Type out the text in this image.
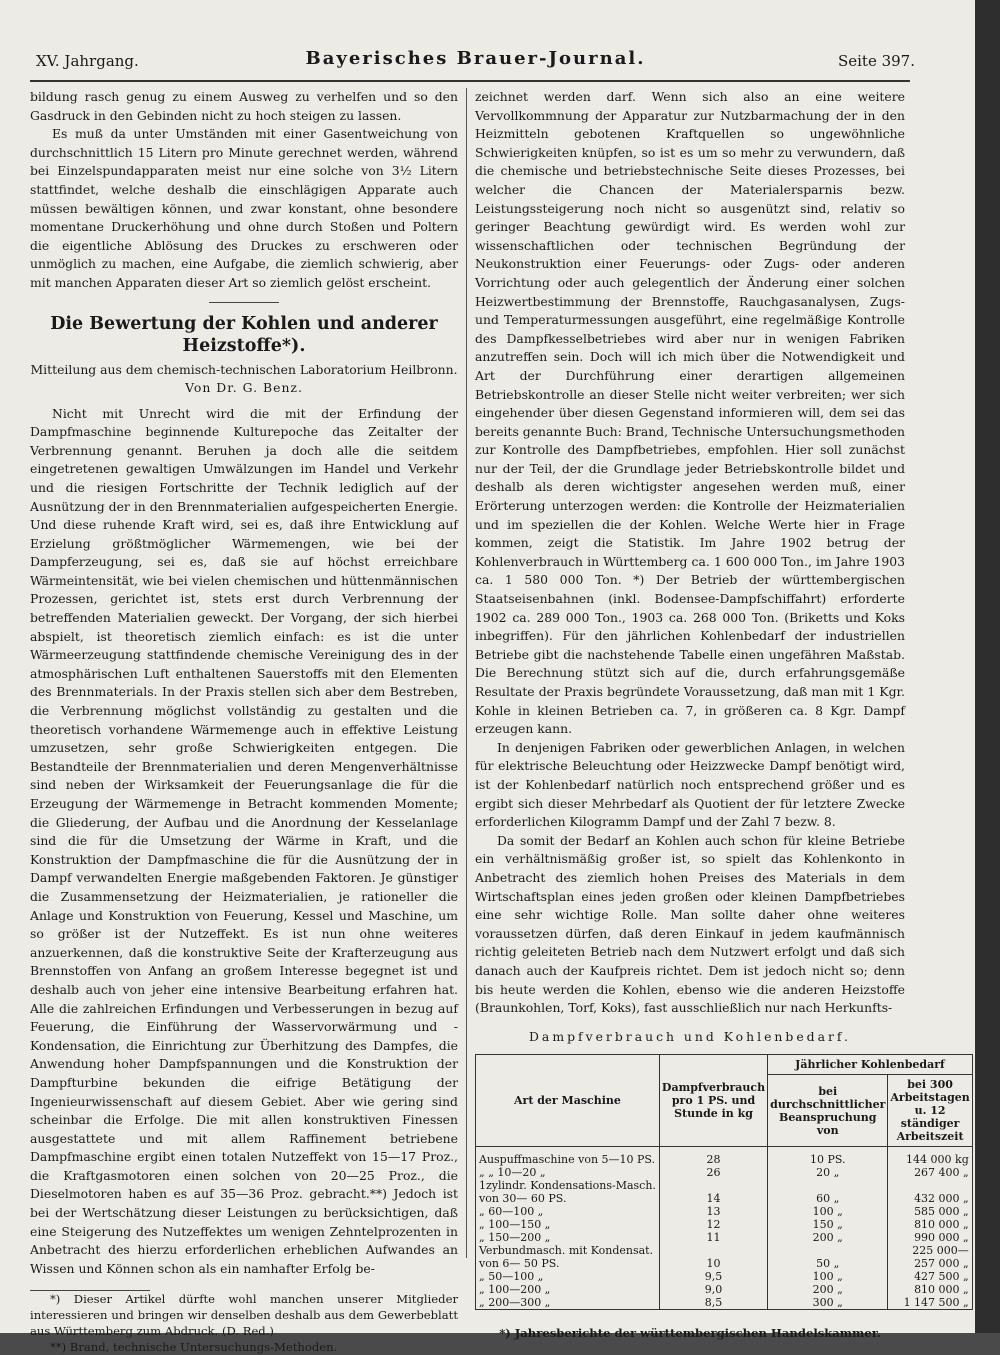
XV. Jahrgang.	Bayerisches Brauer-Journal.	Seite 397.

bildung rasch genug zu einem Ausweg zu verhelfen und so den Gasdruck in den Gebinden nicht zu hoch steigen zu lassen.

Es muß da unter Umständen mit einer Gasentweichung von durchschnittlich 15 Litern pro Minute gerechnet werden, während bei Einzelspundapparaten meist nur eine solche von 3½ Litern stattfindet, welche deshalb die einschlägigen Apparate auch müssen bewältigen können, und zwar konstant, ohne besondere momentane Druckerhöhung und ohne durch Stoßen und Poltern die eigentliche Ablösung des Druckes zu erschweren oder unmöglich zu machen, eine Aufgabe, die ziemlich schwierig, aber mit manchen Apparaten dieser Art so ziemlich gelöst erscheint.

Die Bewertung der Kohlen und anderer Heizstoffe*).
Mitteilung aus dem chemisch-technischen Laboratorium Heilbronn.
Von Dr. G. Benz.

Nicht mit Unrecht wird die mit der Erfindung der Dampfmaschine beginnende Kulturepoche das Zeitalter der Verbrennung genannt. Beruhen ja doch alle die seitdem eingetretenen gewaltigen Umwälzungen im Handel und Verkehr und die riesigen Fortschritte der Technik lediglich auf der Ausnützung der in den Brennmaterialien aufgespeicherten Energie. Und diese ruhende Kraft wird, sei es, daß ihre Entwicklung auf Erzielung größtmöglicher Wärmemengen, wie bei der Dampferzeugung, sei es, daß sie auf höchst erreichbare Wärmeintensität, wie bei vielen chemischen und hüttenmännischen Prozessen, gerichtet ist, stets erst durch Verbrennung der betreffenden Materialien geweckt. Der Vorgang, der sich hierbei abspielt, ist theoretisch ziemlich einfach: es ist die unter Wärmeerzeugung stattfindende chemische Vereinigung des in der atmosphärischen Luft enthaltenen Sauerstoffs mit den Elementen des Brennmaterials. In der Praxis stellen sich aber dem Bestreben, die Verbrennung möglichst vollständig zu gestalten und die theoretisch vorhandene Wärmemenge auch in effektive Leistung umzusetzen, sehr große Schwierigkeiten entgegen. Die Bestandteile der Brennmaterialien und deren Mengenverhältnisse sind neben der Wirksamkeit der Feuerungsanlage die für die Erzeugung der Wärmemenge in Betracht kommenden Momente; die Gliederung, der Aufbau und die Anordnung der Kesselanlage sind die für die Umsetzung der Wärme in Kraft, und die Konstruktion der Dampfmaschine die für die Ausnützung der in Dampf verwandelten Energie maßgebenden Faktoren. Je günstiger die Zusammensetzung der Heizmaterialien, je rationeller die Anlage und Konstruktion von Feuerung, Kessel und Maschine, um so größer ist der Nutzeffekt. Es ist nun ohne weiteres anzuerkennen, daß die konstruktive Seite der Krafterzeugung aus Brennstoffen von Anfang an großem Interesse begegnet ist und deshalb auch von jeher eine intensive Bearbeitung erfahren hat. Alle die zahlreichen Erfindungen und Verbesserungen in bezug auf Feuerung, die Einführung der Wasservorwärmung und -Kondensation, die Einrichtung zur Überhitzung des Dampfes, die Anwendung hoher Dampfspannungen und die Konstruktion der Dampfturbine bekunden die eifrige Betätigung der Ingenieurwissenschaft auf diesem Gebiet. Aber wie gering sind scheinbar die Erfolge. Die mit allen konstruktiven Finessen ausgestattete und mit allem Raffinement betriebene Dampfmaschine ergibt einen totalen Nutzeffekt von 15—17 Proz., die Kraftgasmotoren einen solchen von 20—25 Proz., die Dieselmotoren haben es auf 35—36 Proz. gebracht.**) Jedoch ist bei der Wertschätzung dieser Leistungen zu berücksichtigen, daß eine Steigerung des Nutzeffektes um wenigen Zehntelprozenten in Anbetracht des hierzu erforderlichen erheblichen Aufwandes an Wissen und Können schon als ein namhafter Erfolg be-

*) Dieser Artikel dürfte wohl manchen unserer Mitglieder interessieren und bringen wir denselben deshalb aus dem Gewerbeblatt aus Württemberg zum Abdruck. (D. Red.)

**) Brand, technische Untersuchungs-Methoden.

zeichnet werden darf. Wenn sich also an eine weitere Vervollkommnung der Apparatur zur Nutzbarmachung der in den Heizmitteln gebotenen Kraftquellen so ungewöhnliche Schwierigkeiten knüpfen, so ist es um so mehr zu verwundern, daß die chemische und betriebstechnische Seite dieses Prozesses, bei welcher die Chancen der Materialersparnis bezw. Leistungssteigerung noch nicht so ausgenützt sind, relativ so geringer Beachtung gewürdigt wird. Es werden wohl zur wissenschaftlichen oder technischen Begründung der Neukonstruktion einer Feuerungs- oder Zugs- oder anderen Vorrichtung oder auch gelegentlich der Änderung einer solchen Heizwertbestimmung der Brennstoffe, Rauchgasanalysen, Zugs- und Temperaturmessungen ausgeführt, eine regelmäßige Kontrolle des Dampfkesselbetriebes wird aber nur in wenigen Fabriken anzutreffen sein. Doch will ich mich über die Notwendigkeit und Art der Durchführung einer derartigen allgemeinen Betriebskontrolle an dieser Stelle nicht weiter verbreiten; wer sich eingehender über diesen Gegenstand informieren will, dem sei das bereits genannte Buch: Brand, Technische Untersuchungsmethoden zur Kontrolle des Dampfbetriebes, empfohlen. Hier soll zunächst nur der Teil, der die Grundlage jeder Betriebskontrolle bildet und deshalb als deren wichtigster angesehen werden muß, einer Erörterung unterzogen werden: die Kontrolle der Heizmaterialien und im speziellen die der Kohlen. Welche Werte hier in Frage kommen, zeigt die Statistik. Im Jahre 1902 betrug der Kohlenverbrauch in Württemberg ca. 1 600 000 Ton., im Jahre 1903 ca. 1 580 000 Ton. *) Der Betrieb der württembergischen Staatseisenbahnen (inkl. Bodensee-Dampfschiffahrt) erforderte 1902 ca. 289 000 Ton., 1903 ca. 268 000 Ton. (Briketts und Koks inbegriffen). Für den jährlichen Kohlenbedarf der industriellen Betriebe gibt die nachstehende Tabelle einen ungefähren Maßstab. Die Berechnung stützt sich auf die, durch erfahrungsgemäße Resultate der Praxis begründete Voraussetzung, daß man mit 1 Kgr. Kohle in kleinen Betrieben ca. 7, in größeren ca. 8 Kgr. Dampf erzeugen kann.

In denjenigen Fabriken oder gewerblichen Anlagen, in welchen für elektrische Beleuchtung oder Heizzwecke Dampf benötigt wird, ist der Kohlenbedarf natürlich noch entsprechend größer und es ergibt sich dieser Mehrbedarf als Quotient der für letztere Zwecke erforderlichen Kilogramm Dampf und der Zahl 7 bezw. 8.

Da somit der Bedarf an Kohlen auch schon für kleine Betriebe ein verhältnismäßig großer ist, so spielt das Kohlenkonto in Anbetracht des ziemlich hohen Preises des Materials in dem Wirtschaftsplan eines jeden großen oder kleinen Dampfbetriebes eine sehr wichtige Rolle. Man sollte daher ohne weiteres voraussetzen dürfen, daß deren Einkauf in jedem kaufmännisch richtig geleiteten Betrieb nach dem Nutzwert erfolgt und daß sich danach auch der Kaufpreis richtet. Dem ist jedoch nicht so; denn bis heute werden die Kohlen, ebenso wie die anderen Heizstoffe (Braunkohlen, Torf, Koks), fast ausschließlich nur nach Herkunfts-

Dampfverbrauch und Kohlenbedarf.
Art der Maschine	Dampfverbrauch pro 1 PS. und Stunde in kg	Jährlicher Kohlenbedarf	
		bei durchschnittlicher Beanspruchung von	bei 300 Arbeitstagen u. 12 ständiger Arbeitszeit
Auspuffmaschine von 5—10 PS.	28	10 PS.	144 000 kg
„ „ 10—20 „	26	20 „	267 400 „
1zylindr. Kondensations-Masch.			
von 30— 60 PS.	14	60 „	432 000 „
„ 60—100 „	13	100 „	585 000 „
„ 100—150 „	12	150 „	810 000 „
„ 150—200 „	11	200 „	990 000 „
Verbundmasch. mit Kondensat.			225 000—
von 6— 50 PS.	10	50 „	257 000 „
„ 50—100 „	9,5	100 „	427 500 „
„ 100—200 „	9,0	200 „	810 000 „
„ 200—300 „	8,5	300 „	1 147 500 „
*) Jahresberichte der württembergischen Handelskammer.
